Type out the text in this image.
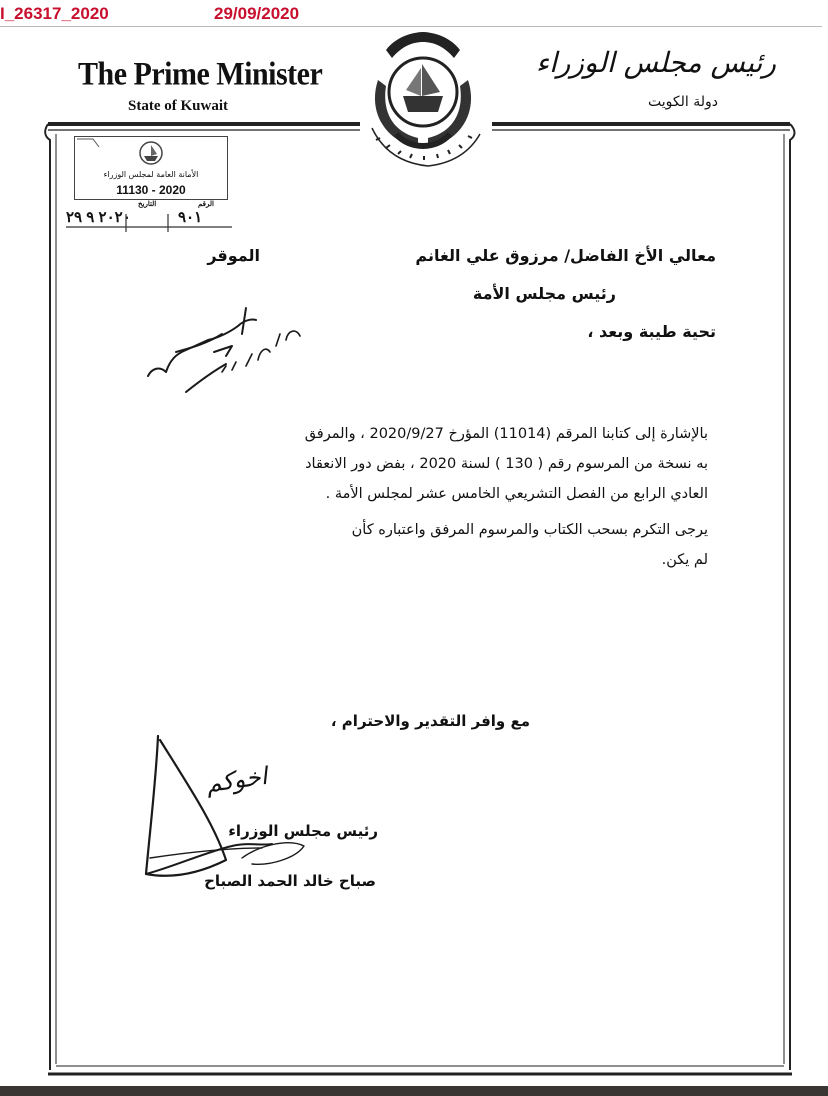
I_26317_2020	29/09/2020
The Prime Minister
State of Kuwait
رئيس مجلس الوزراء
دولة الكويت
الأمانة العامة لمجلس الوزراء
11130 - 2020
٢٠٢٠ ٩ ٢٩
التاريخ	الرقم
٩٠١
معالي الأخ الفاضل/ مرزوق علي الغانم
الموقر
رئيس مجلس الأمة
تحية طيبة وبعد ،
بالإشارة إلى كتابنا المرقم (11014) المؤرخ 2020/9/27 ، والمرفق
به نسخة من المرسوم رقم ( 130 ) لسنة 2020 ، بفض دور الانعقاد
العادي الرابع من الفصل التشريعي الخامس عشر لمجلس الأمة .
يرجى التكرم بسحب الكتاب والمرسوم المرفق واعتباره كأن
لم يكن.
مع وافر التقدير والاحترام ،
اخوكم
رئيس مجلس الوزراء
صباح خالد الحمد الصباح
